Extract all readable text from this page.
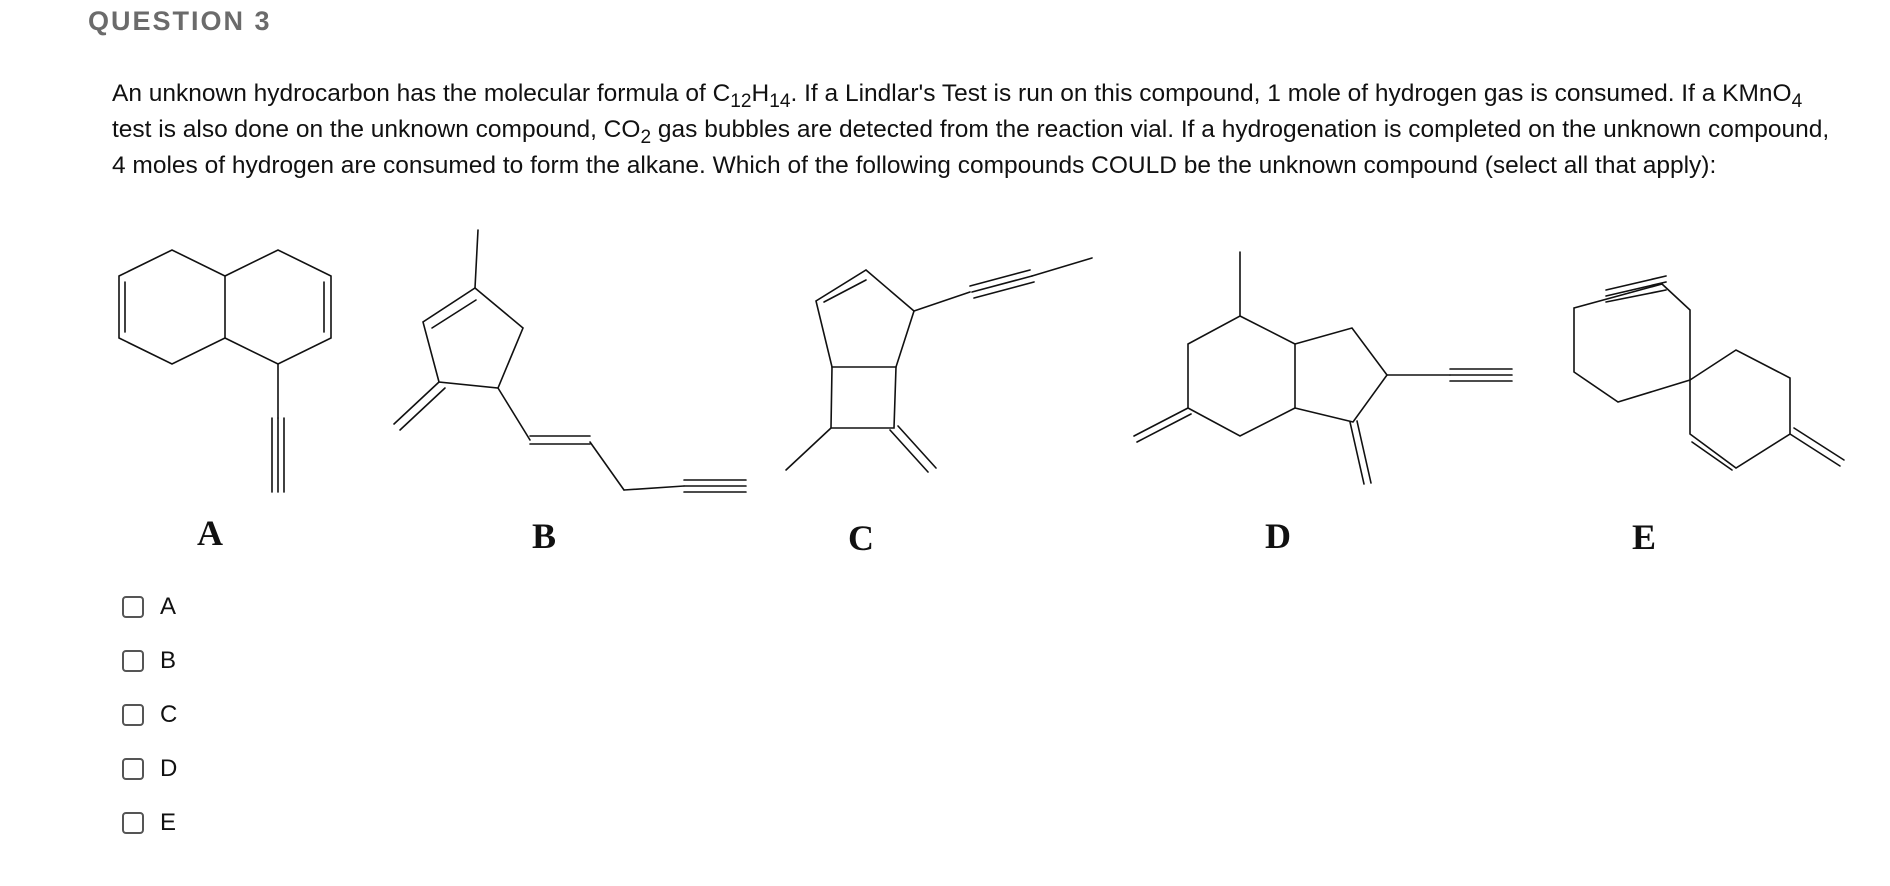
QUESTION 3
An unknown hydrocarbon has the molecular formula of $C_{12}H_{14}$. If a Lindlar's Test is run on this compound, 1 mole of hydrogen gas is consumed. If a KMnO$_4$ test is also done on the unknown compound, $CO_2$ gas bubbles are detected from the reaction vial. If a hydrogenation is completed on the unknown compound, 4 moles of hydrogen are consumed to form the alkane. Which of the following compounds COULD be the unknown compound (select all that apply):
A	B	C	D	E
A
B
C
D
E
